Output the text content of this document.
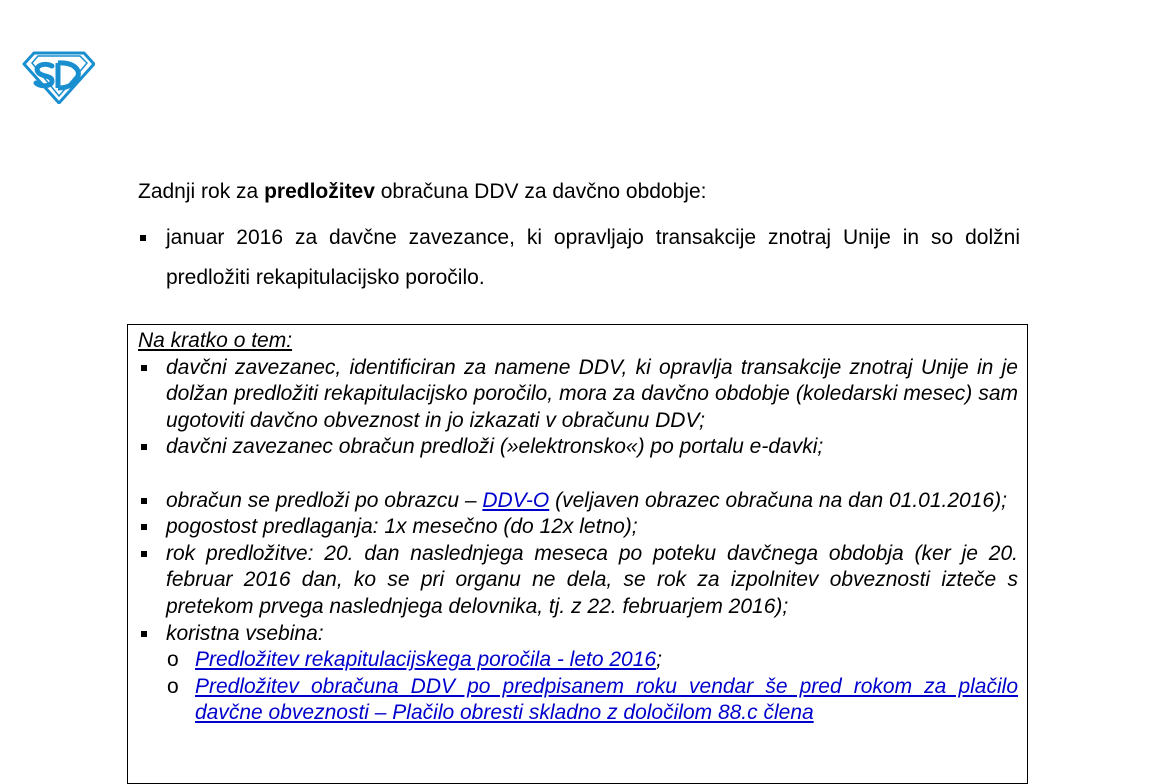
Zadnji rok za predložitev obračuna DDV za davčno obdobje:
januar 2016 za davčne zavezance, ki opravljajo transakcije znotraj Unije in so dolžni predložiti rekapitulacijsko poročilo.
Na kratko o tem:
davčni zavezanec, identificiran za namene DDV, ki opravlja transakcije znotraj Unije in je dolžan predložiti rekapitulacijsko poročilo, mora za davčno obdobje (koledarski mesec) sam ugotoviti davčno obveznost in jo izkazati v obračunu DDV;
davčni zavezanec obračun predloži (»elektronsko«) po portalu e-davki;
obračun se predloži po obrazcu – DDV-O (veljaven obrazec obračuna na dan 01.01.2016);
pogostost predlaganja: 1x mesečno (do 12x letno);
rok predložitve: 20. dan naslednjega meseca po poteku davčnega obdobja (ker je 20. februar 2016 dan, ko se pri organu ne dela, se rok za izpolnitev obveznosti izteče s pretekom prvega naslednjega delovnika, tj. z 22. februarjem 2016);
koristna vsebina:
o Predložitev rekapitulacijskega poročila - leto 2016;
o Predložitev obračuna DDV po predpisanem roku vendar še pred rokom za plačilo davčne obveznosti – Plačilo obresti skladno z določilom 88.c člena
